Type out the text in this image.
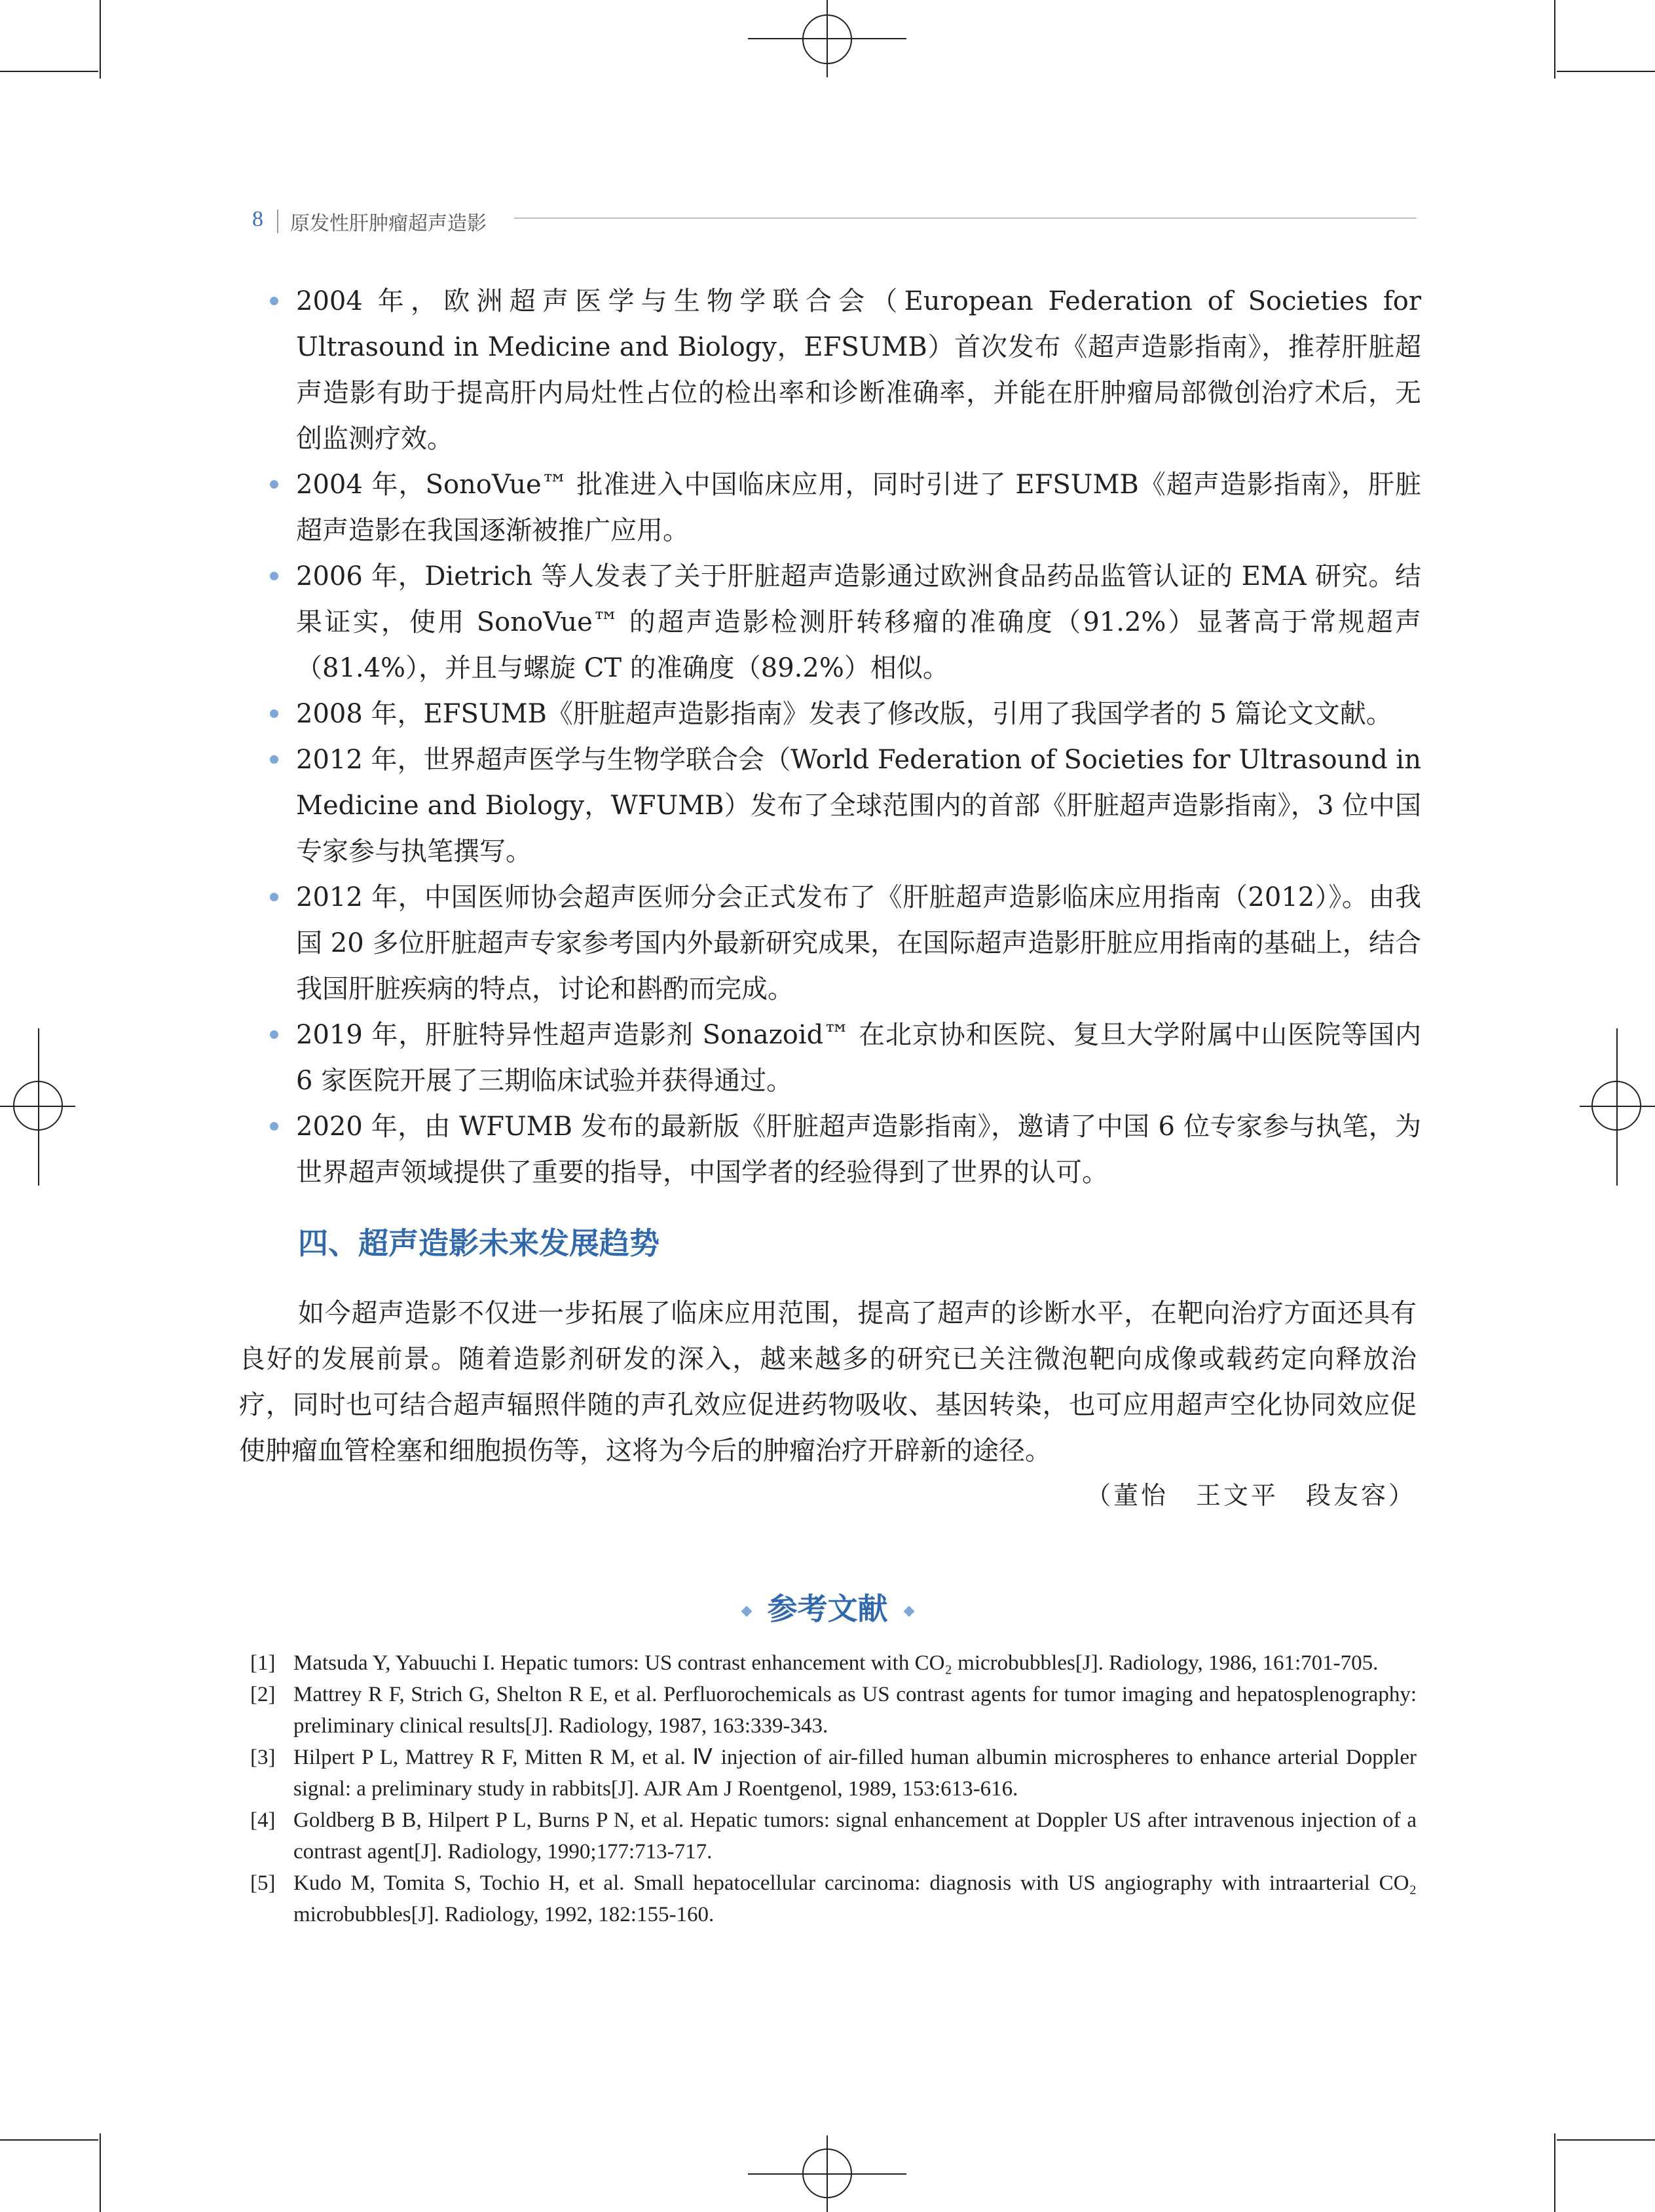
8 原发性肝肿瘤超声造影
2004 年，欧洲超声医学与生物学联合会（European Federation of Societies for Ultrasound in Medicine and Biology，EFSUMB）首次发布《超声造影指南》，推荐肝脏超声造影有助于提高肝内局灶性占位的检出率和诊断准确率，并能在肝肿瘤局部微创治疗术后，无创监测疗效。
2004 年，SonoVue™ 批准进入中国临床应用，同时引进了 EFSUMB《超声造影指南》，肝脏超声造影在我国逐渐被推广应用。
2006 年，Dietrich 等人发表了关于肝脏超声造影通过欧洲食品药品监管认证的 EMA 研究。结果证实，使用 SonoVue™ 的超声造影检测肝转移瘤的准确度（91.2%）显著高于常规超声（81.4%），并且与螺旋 CT 的准确度（89.2%）相似。
2008 年，EFSUMB《肝脏超声造影指南》发表了修改版，引用了我国学者的 5 篇论文文献。
2012 年，世界超声医学与生物学联合会（World Federation of Societies for Ultrasound in Medicine and Biology，WFUMB）发布了全球范围内的首部《肝脏超声造影指南》，3 位中国专家参与执笔撰写。
2012 年，中国医师协会超声医师分会正式发布了《肝脏超声造影临床应用指南（2012）》。由我国 20 多位肝脏超声专家参考国内外最新研究成果，在国际超声造影肝脏应用指南的基础上，结合我国肝脏疾病的特点，讨论和斟酌而完成。
2019 年，肝脏特异性超声造影剂 Sonazoid™ 在北京协和医院、复旦大学附属中山医院等国内 6 家医院开展了三期临床试验并获得通过。
2020 年，由 WFUMB 发布的最新版《肝脏超声造影指南》，邀请了中国 6 位专家参与执笔，为世界超声领域提供了重要的指导，中国学者的经验得到了世界的认可。
四、超声造影未来发展趋势

如今超声造影不仅进一步拓展了临床应用范围，提高了超声的诊断水平，在靶向治疗方面还具有良好的发展前景。随着造影剂研发的深入，越来越多的研究已关注微泡靶向成像或载药定向释放治疗，同时也可结合超声辐照伴随的声孔效应促进药物吸收、基因转染，也可应用超声空化协同效应促使肿瘤血管栓塞和细胞损伤等，这将为今后的肿瘤治疗开辟新的途径。

（董怡　王文平　段友容）
参考文献
[1] Matsuda Y, Yabuuchi I. Hepatic tumors: US contrast enhancement with CO₂ microbubbles[J]. Radiology, 1986, 161:701-705.
[2] Mattrey R F, Strich G, Shelton R E, et al. Perfluorochemicals as US contrast agents for tumor imaging and hepatosplenography: preliminary clinical results[J]. Radiology, 1987, 163:339-343.
[3] Hilpert P L, Mattrey R F, Mitten R M, et al. Ⅳ injection of air-filled human albumin microspheres to enhance arterial Doppler signal: a preliminary study in rabbits[J]. AJR Am J Roentgenol, 1989, 153:613-616.
[4] Goldberg B B, Hilpert P L, Burns P N, et al. Hepatic tumors: signal enhancement at Doppler US after intravenous injection of a contrast agent[J]. Radiology, 1990;177:713-717.
[5] Kudo M, Tomita S, Tochio H, et al. Small hepatocellular carcinoma: diagnosis with US angiography with intraarterial CO₂ microbubbles[J]. Radiology, 1992, 182:155-160.
